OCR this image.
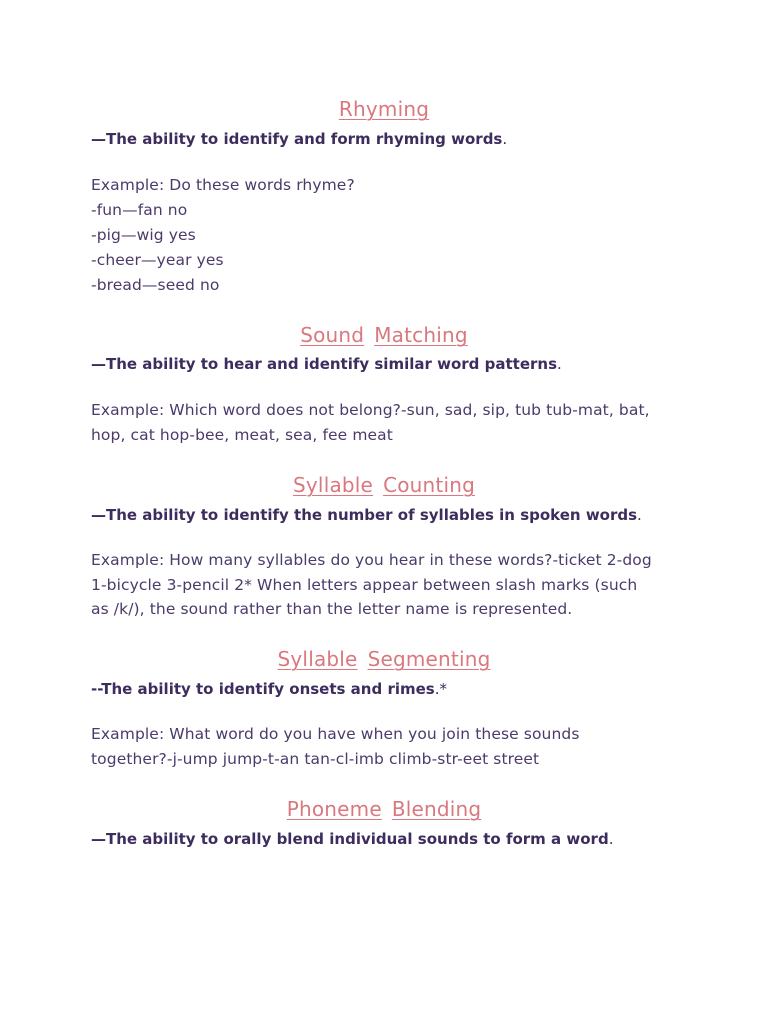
Rhyming
—The ability to identify and form rhyming words.
Example: Do these words rhyme?
-fun—fan no
-pig—wig yes
-cheer—year yes
-bread—seed no
Sound Matching
—The ability to hear and identify similar word patterns.
Example: Which word does not belong?-sun, sad, sip, tub tub-mat, bat,
hop, cat hop-bee, meat, sea, fee meat
Syllable Counting
—The ability to identify the number of syllables in spoken words.
Example: How many syllables do you hear in these words?-ticket 2-dog
1-bicycle 3-pencil 2* When letters appear between slash marks (such
as /k/), the sound rather than the letter name is represented.
Syllable Segmenting
--The ability to identify onsets and rimes.*
Example: What word do you have when you join these sounds
together?-j-ump jump-t-an tan-cl-imb climb-str-eet street
Phoneme Blending
—The ability to orally blend individual sounds to form a word.
